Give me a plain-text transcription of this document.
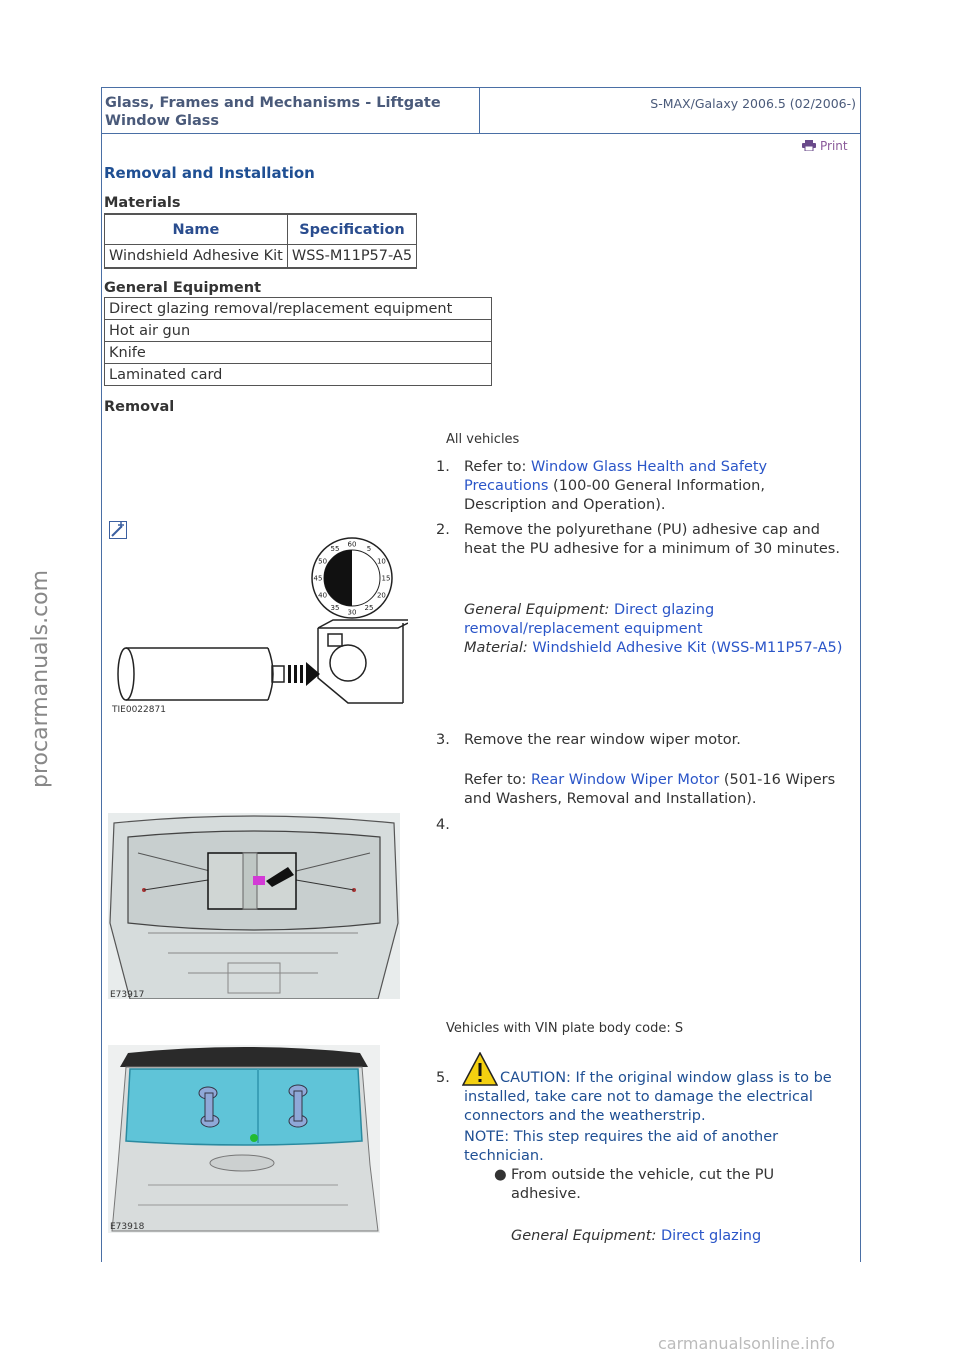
Glass, Frames and Mechanisms - Liftgate Window Glass
S-MAX/Galaxy 2006.5 (02/2006-)
Print
Removal and Installation
Materials
Name	Specification
Windshield Adhesive Kit	WSS-M11P57-A5
General Equipment
Direct glazing removal/replacement equipment
Hot air gun
Knife
Laminated card
Removal
All vehicles
1. Refer to: Window Glass Health and Safety Precautions (100-00 General Information, Description and Operation).
55
60
5
10
15
20
25
30
35
40
45
50
TIE0022871
2. Remove the polyurethane (PU) adhesive cap and heat the PU adhesive for a minimum of 30 minutes.
General Equipment: Direct glazing removal/replacement equipment
Material: Windshield Adhesive Kit (WSS-M11P57-A5)
3. Remove the rear window wiper motor.
Refer to: Rear Window Wiper Motor (501-16 Wipers and Washers, Removal and Installation).
4.
E73917
Vehicles with VIN plate body code: S
E73918
5.	CAUTION: If the original window glass is to be installed, take care not to damage the electrical connectors and the weatherstrip.
NOTE: This step requires the aid of another technician.
● From outside the vehicle, cut the PU adhesive.
General Equipment: Direct glazing
procarmanuals.com
carmanualsonline.info
